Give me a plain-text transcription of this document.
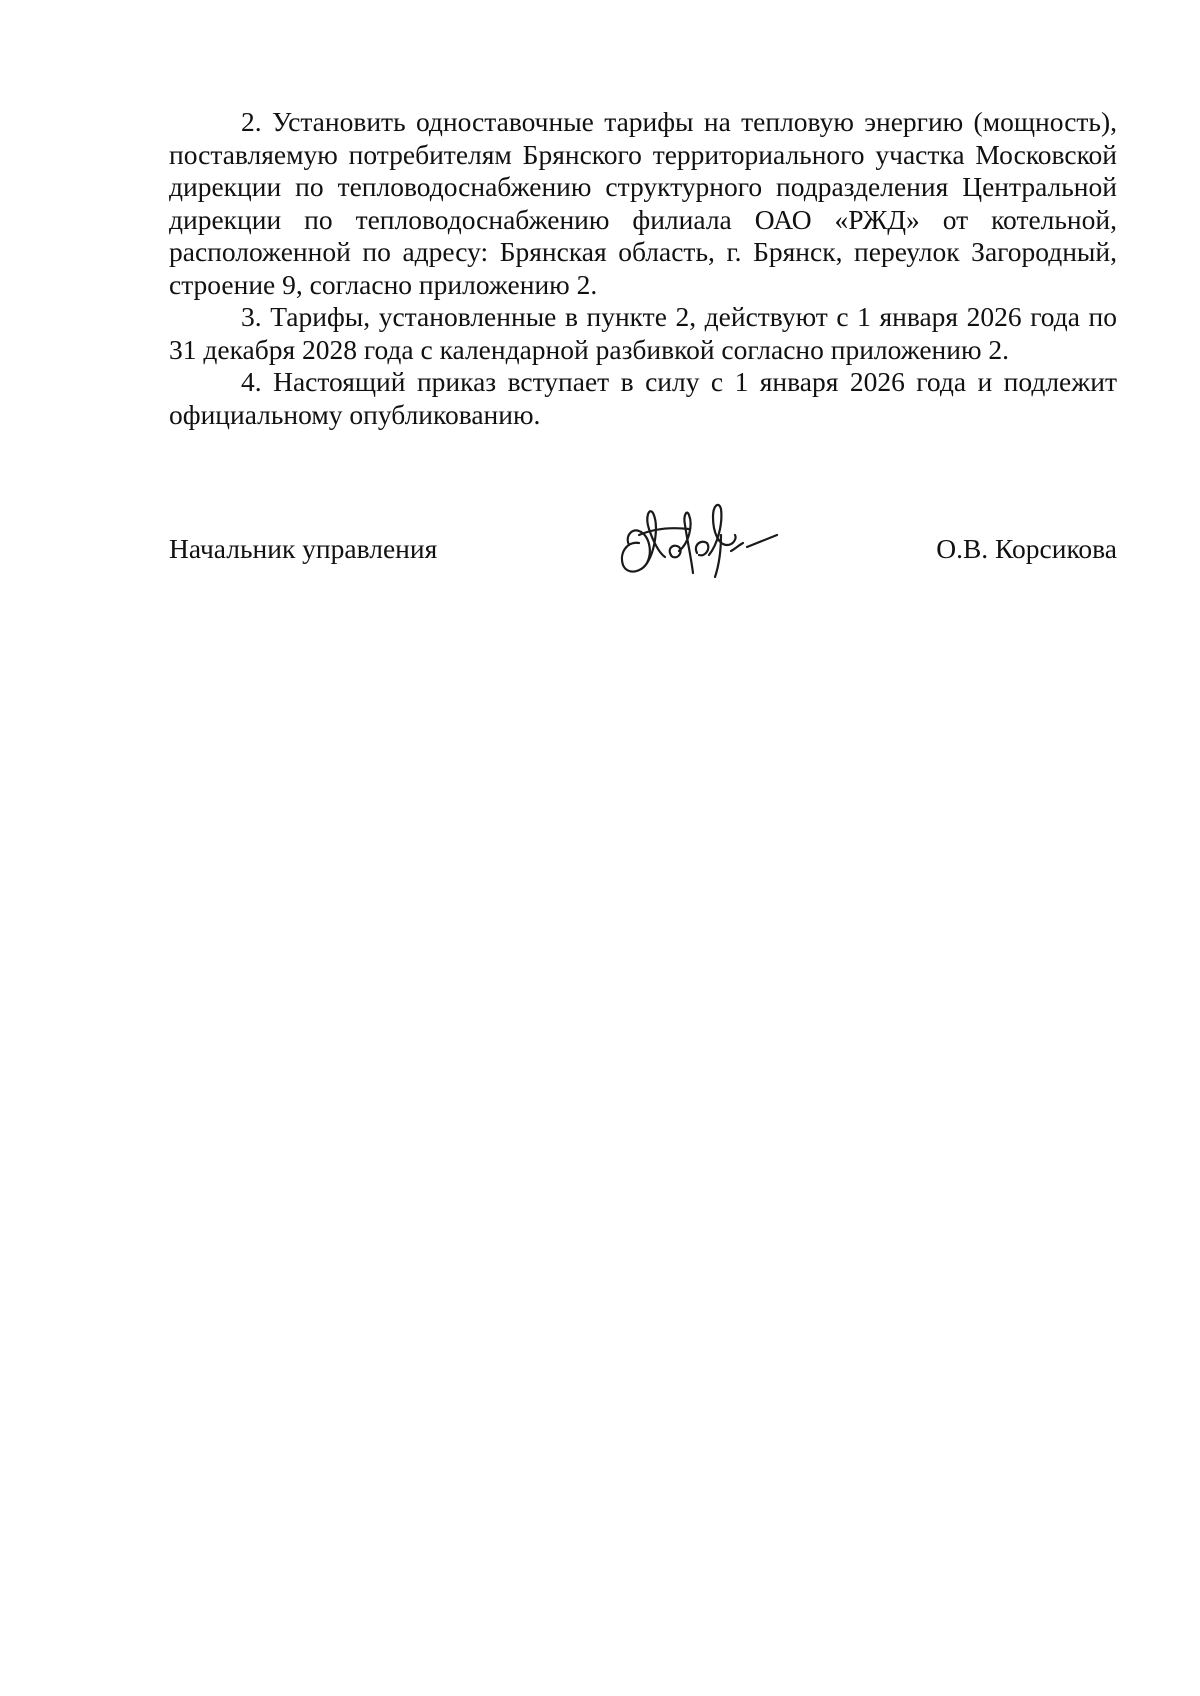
2. Установить одноставочные тарифы на тепловую энергию (мощность), поставляемую потребителям Брянского территориального участка Московской дирекции по тепловодоснабжению структурного подразделения Центральной дирекции по тепловодоснабжению филиала ОАО «РЖД» от котельной, расположенной по адресу: Брянская область, г. Брянск, переулок Загородный, строение 9, согласно приложению 2.

3. Тарифы, установленные в пункте 2, действуют с 1 января 2026 года по 31 декабря 2028 года с календарной разбивкой согласно приложению 2.

4. Настоящий приказ вступает в силу с 1 января 2026 года и подлежит официальному опубликованию.

Начальник управления	О.В. Корсикова
